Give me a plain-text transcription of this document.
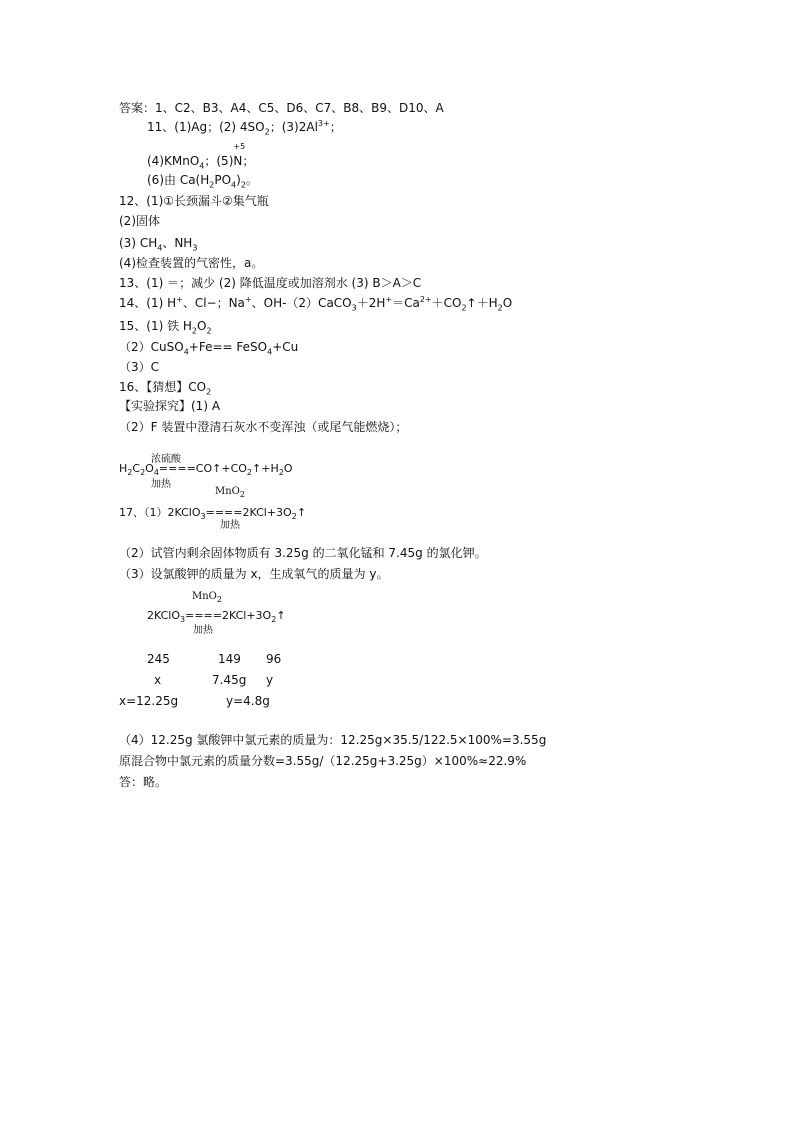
答案：1、C2、B3、A4、C5、D6、C7、B8、B9、D10、A
11、(1)Ag；(2) $4SO_2$；$(3)2Al^{3+}$；
(4)KMnO$_4$；(5)
+5
N；
(6)由 $Ca(H_2PO_4)_2$。
12、(1)①长颈漏斗②集气瓶
(2)固体
(3) $CH_4$、$NH_3$
(4)检查装置的气密性，a。
13、(1) ＝；减少 (2) 降低温度或加溶剂水 (3) B＞A＞C
14、(1) H+、Cl−；Na+、$OH-(2)CaCO_3+2H^+=Ca^{2+}+CO_2↑+H_2O$
15、(1) 铁 $H_2O_2$
（2）CuSO$_4$+Fe== FeSO$_4$+Cu
（3）C
16、【猜想】$CO_2$
【实验探究】(1) A
（2）F 装置中澄清石灰水不变浑浊（或尾气能燃烧）；
浓硫酸
$H_2C_2O_4====CO↑+CO_2↑+H_2O$
加热
MnO$_2$
17、$(1)2KClO_3====2KCl+3O_2↑$
加热
（2）试管内剩余固体物质有 3.25g 的二氧化锰和 7.45g 的氯化钾。
（3）设氯酸钾的质量为 x，生成氧气的质量为 y。
MnO$_2$
$2KClO_3====2KCl+3O_2↑$
加热
245	149 96
x	7.45g y
x=12.25g	y=4.8g
（4）12.25g 氯酸钾中氯元素的质量为：12.25g×35.5/122.5×100%=3.55g
原混合物中氯元素的质量分数=3.55g/（12.25g+3.25g）×100%≈22.9%
答：略。
